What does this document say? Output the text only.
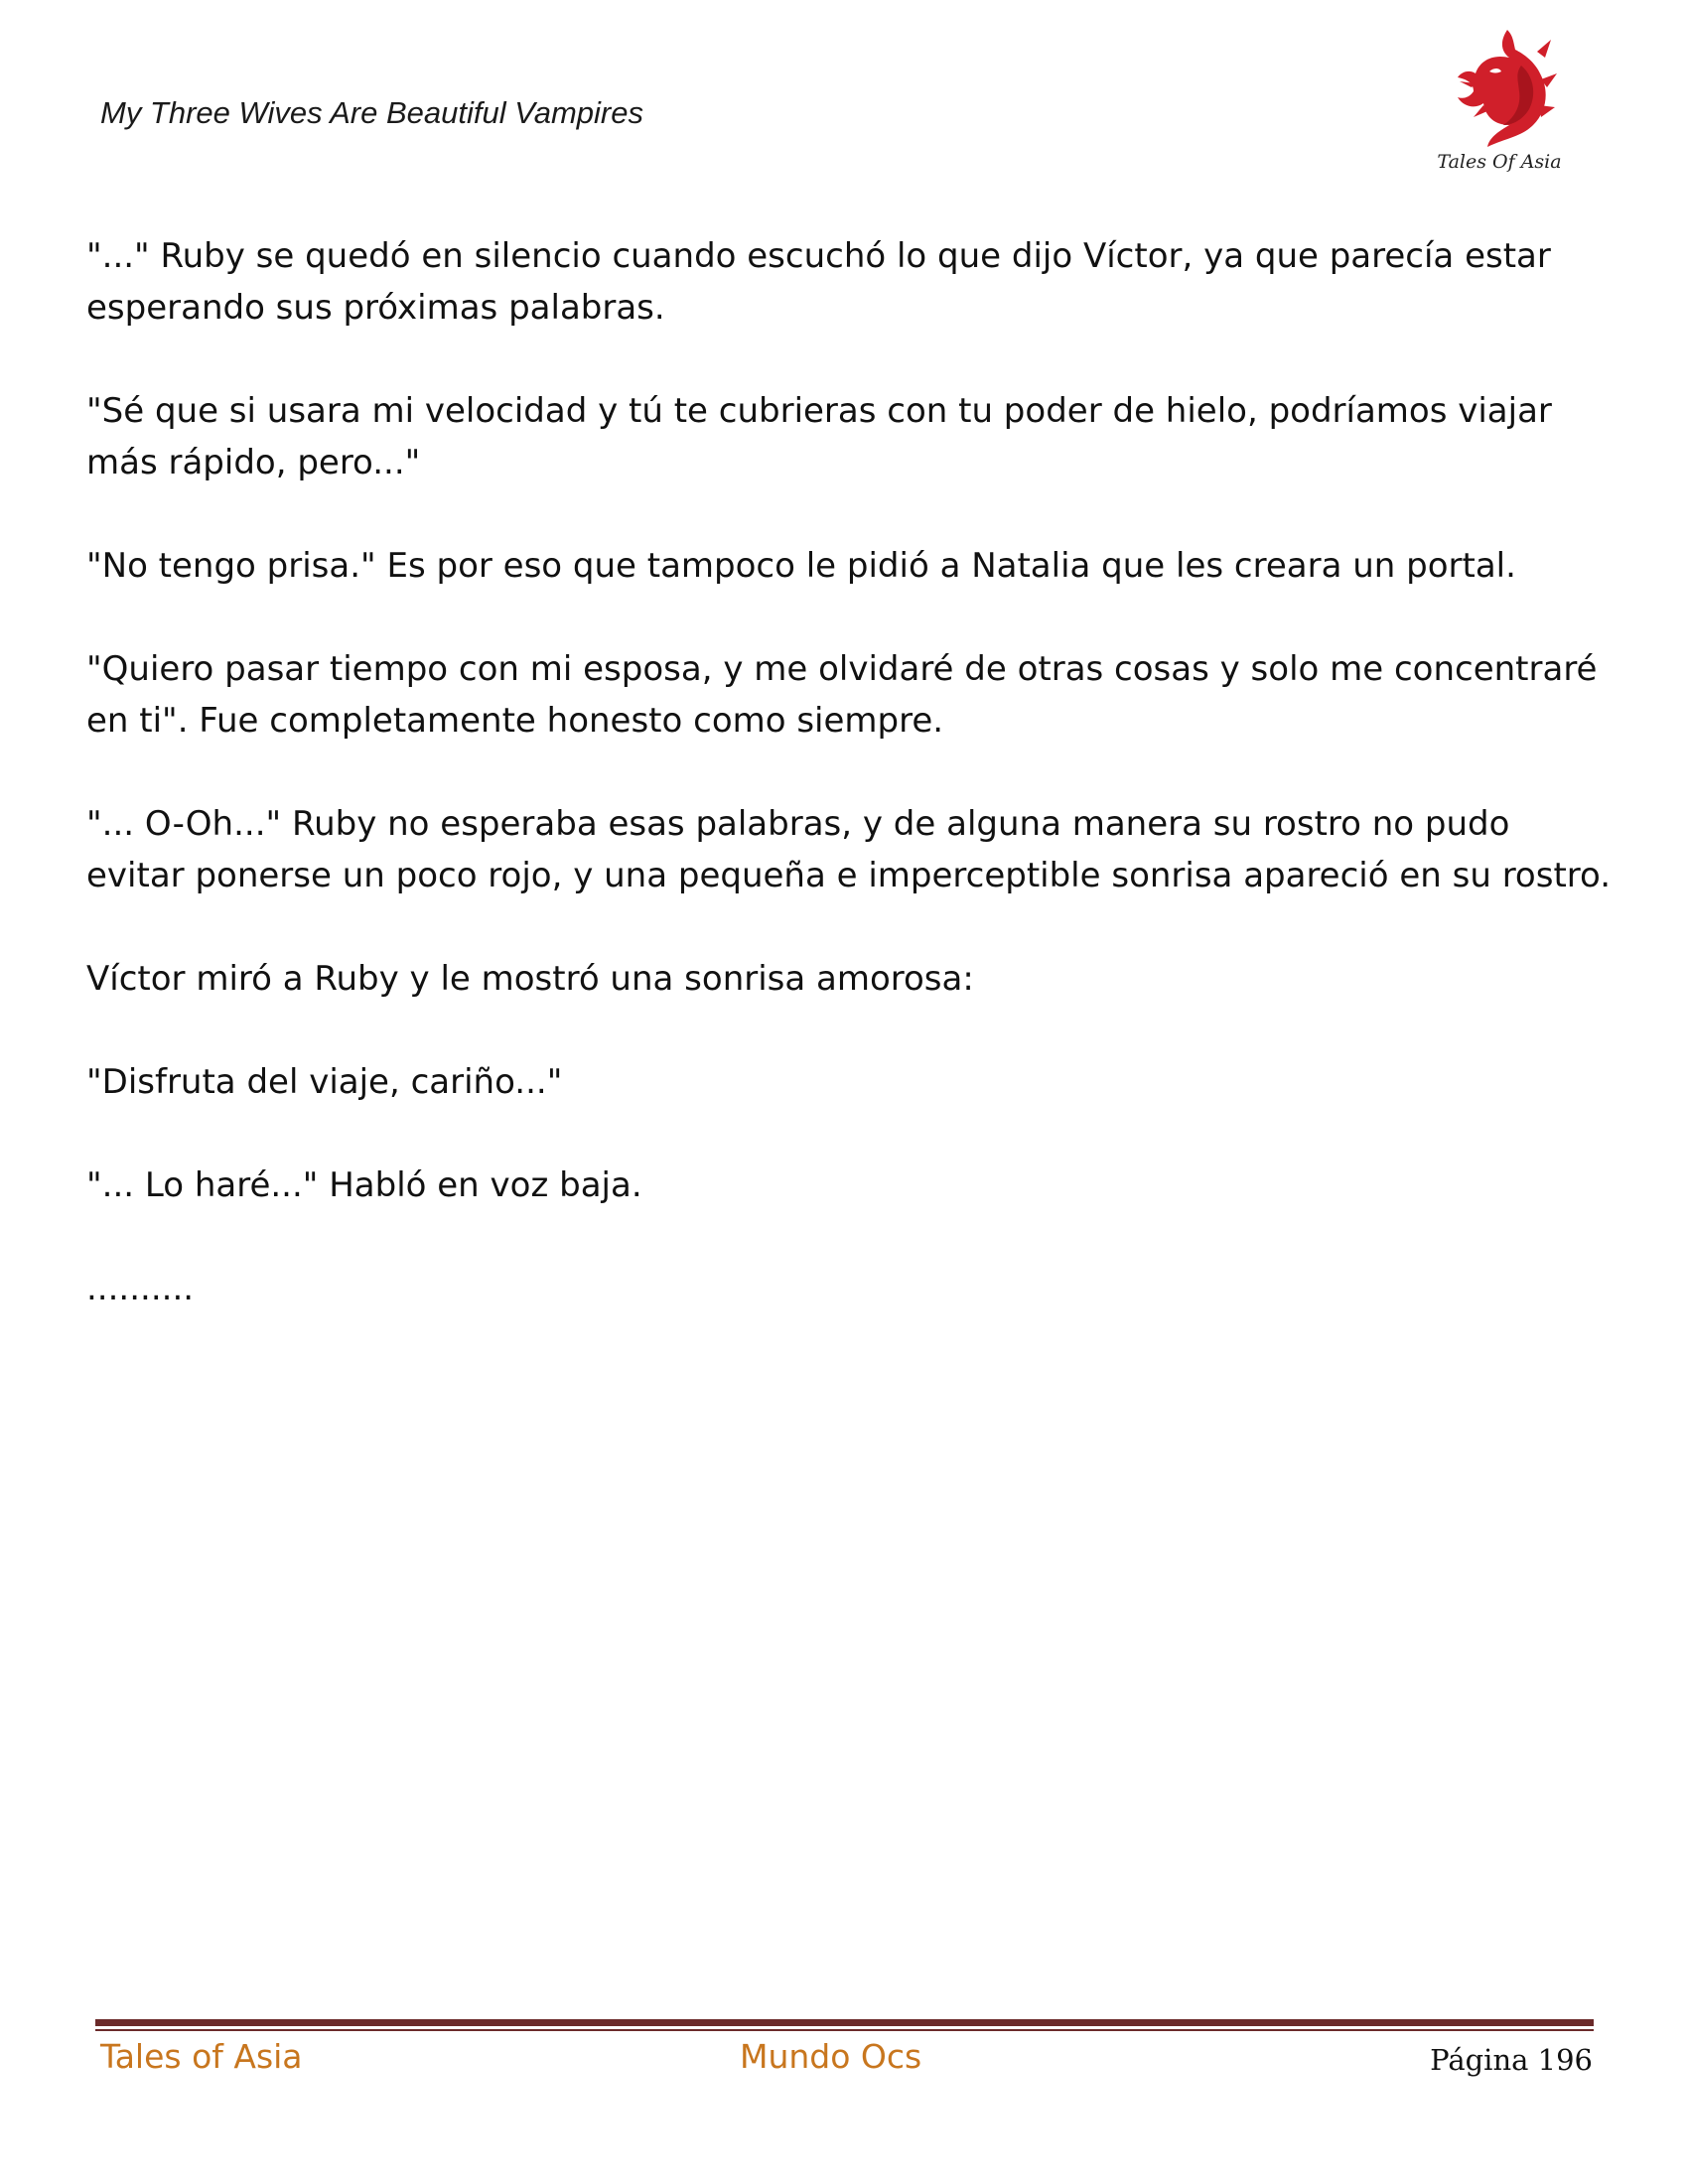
My Three Wives Are Beautiful Vampires
Tales Of Asia

"..." Ruby se quedó en silencio cuando escuchó lo que dijo Víctor, ya que parecía estar esperando sus próximas palabras.

"Sé que si usara mi velocidad y tú te cubrieras con tu poder de hielo, podríamos viajar más rápido, pero..."

"No tengo prisa." Es por eso que tampoco le pidió a Natalia que les creara un portal.

"Quiero pasar tiempo con mi esposa, y me olvidaré de otras cosas y solo me concentraré en ti". Fue completamente honesto como siempre.

"... O-Oh..." Ruby no esperaba esas palabras, y de alguna manera su rostro no pudo evitar ponerse un poco rojo, y una pequeña e imperceptible sonrisa apareció en su rostro.

Víctor miró a Ruby y le mostró una sonrisa amorosa:

"Disfruta del viaje, cariño..."

"... Lo haré..." Habló en voz baja.

..........

Tales of Asia	Mundo Ocs	Página 196
